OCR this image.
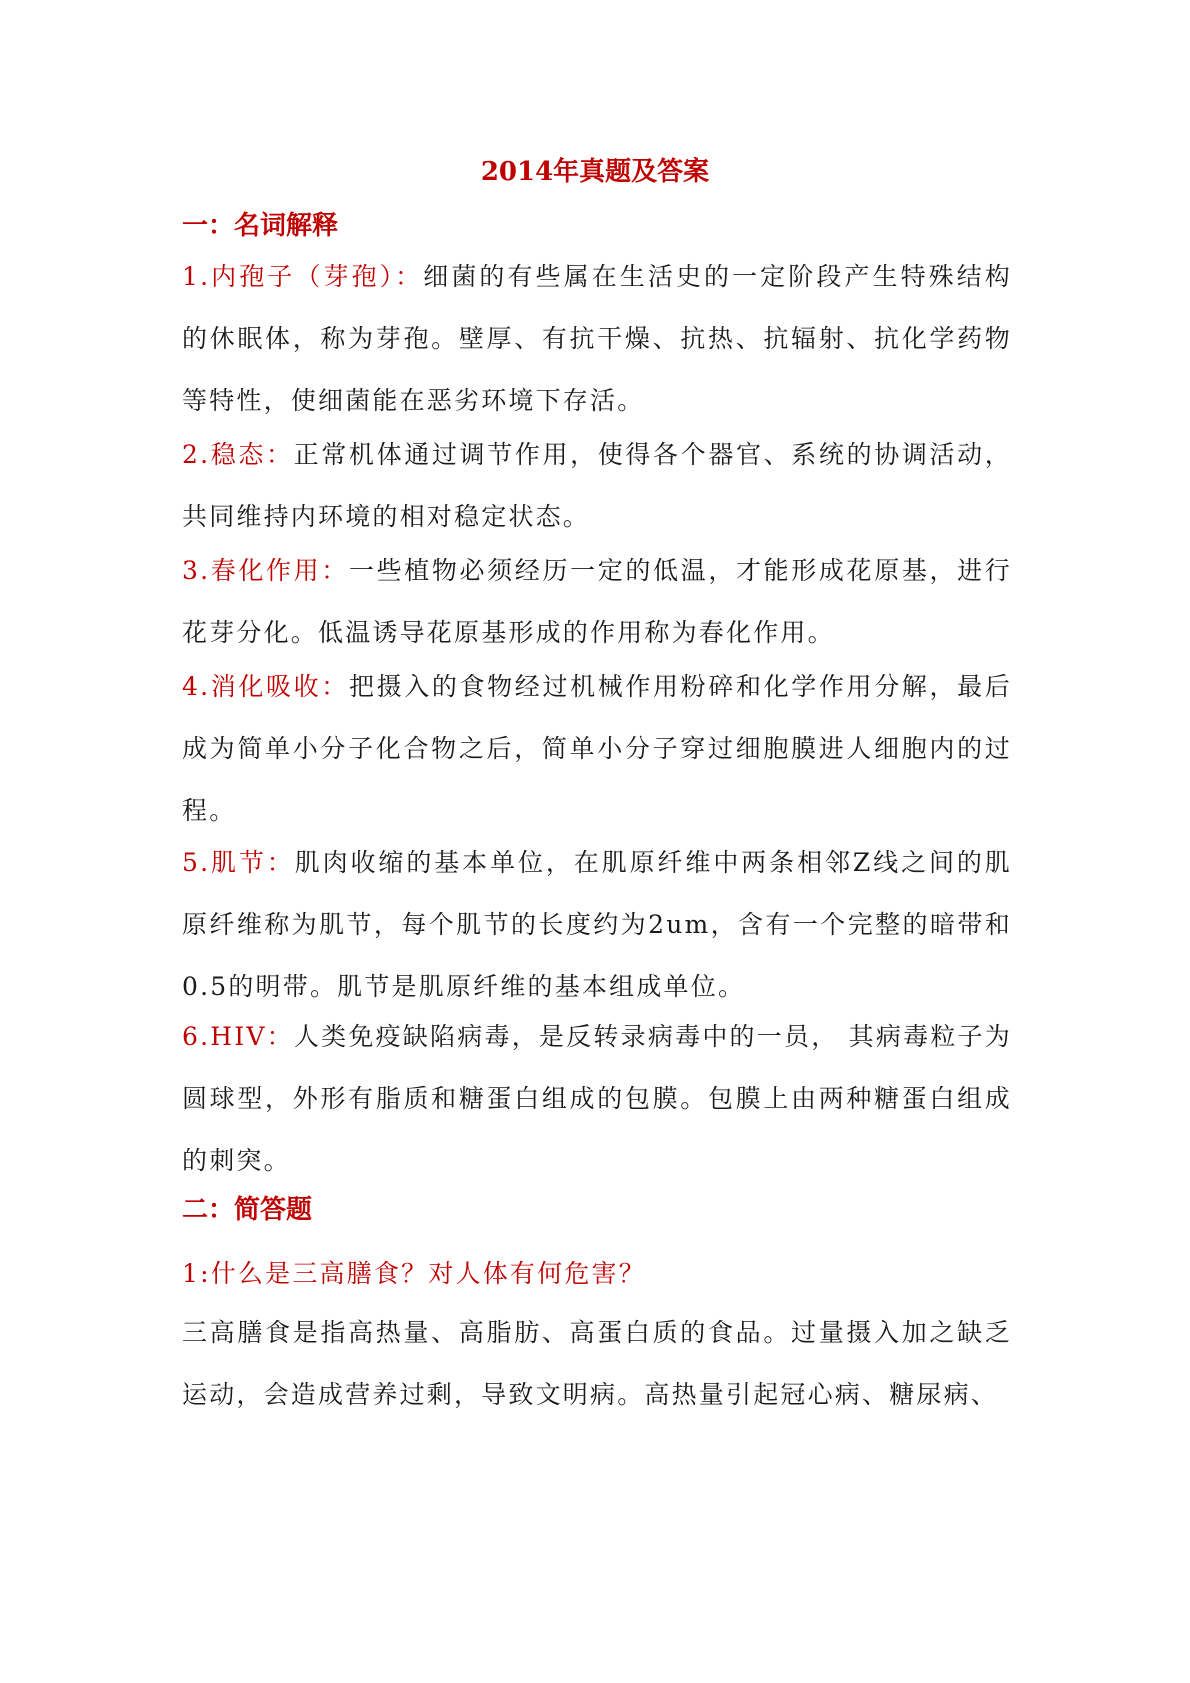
2014年真题及答案
一：名词解释

1.内孢子（芽孢）：细菌的有些属在生活史的一定阶段产生特殊结构的休眠体，称为芽孢。壁厚、有抗干燥、抗热、抗辐射、抗化学药物等特性，使细菌能在恶劣环境下存活。

2.稳态：正常机体通过调节作用，使得各个器官、系统的协调活动，共同维持内环境的相对稳定状态。

3.春化作用：一些植物必须经历一定的低温，才能形成花原基，进行花芽分化。低温诱导花原基形成的作用称为春化作用。

4.消化吸收：把摄入的食物经过机械作用粉碎和化学作用分解，最后成为简单小分子化合物之后，简单小分子穿过细胞膜进人细胞内的过程。

5.肌节：肌肉收缩的基本单位，在肌原纤维中两条相邻Z线之间的肌原纤维称为肌节，每个肌节的长度约为2um，含有一个完整的暗带和0.5的明带。肌节是肌原纤维的基本组成单位。

6.HIV：人类免疫缺陷病毒，是反转录病毒中的一员， 其病毒粒子为圆球型，外形有脂质和糖蛋白组成的包膜。包膜上由两种糖蛋白组成的刺突。

二：简答题

1:什么是三高膳食？对人体有何危害？

三高膳食是指高热量、高脂肪、高蛋白质的食品。过量摄入加之缺乏运动，会造成营养过剩，导致文明病。高热量引起冠心病、糖尿病、
